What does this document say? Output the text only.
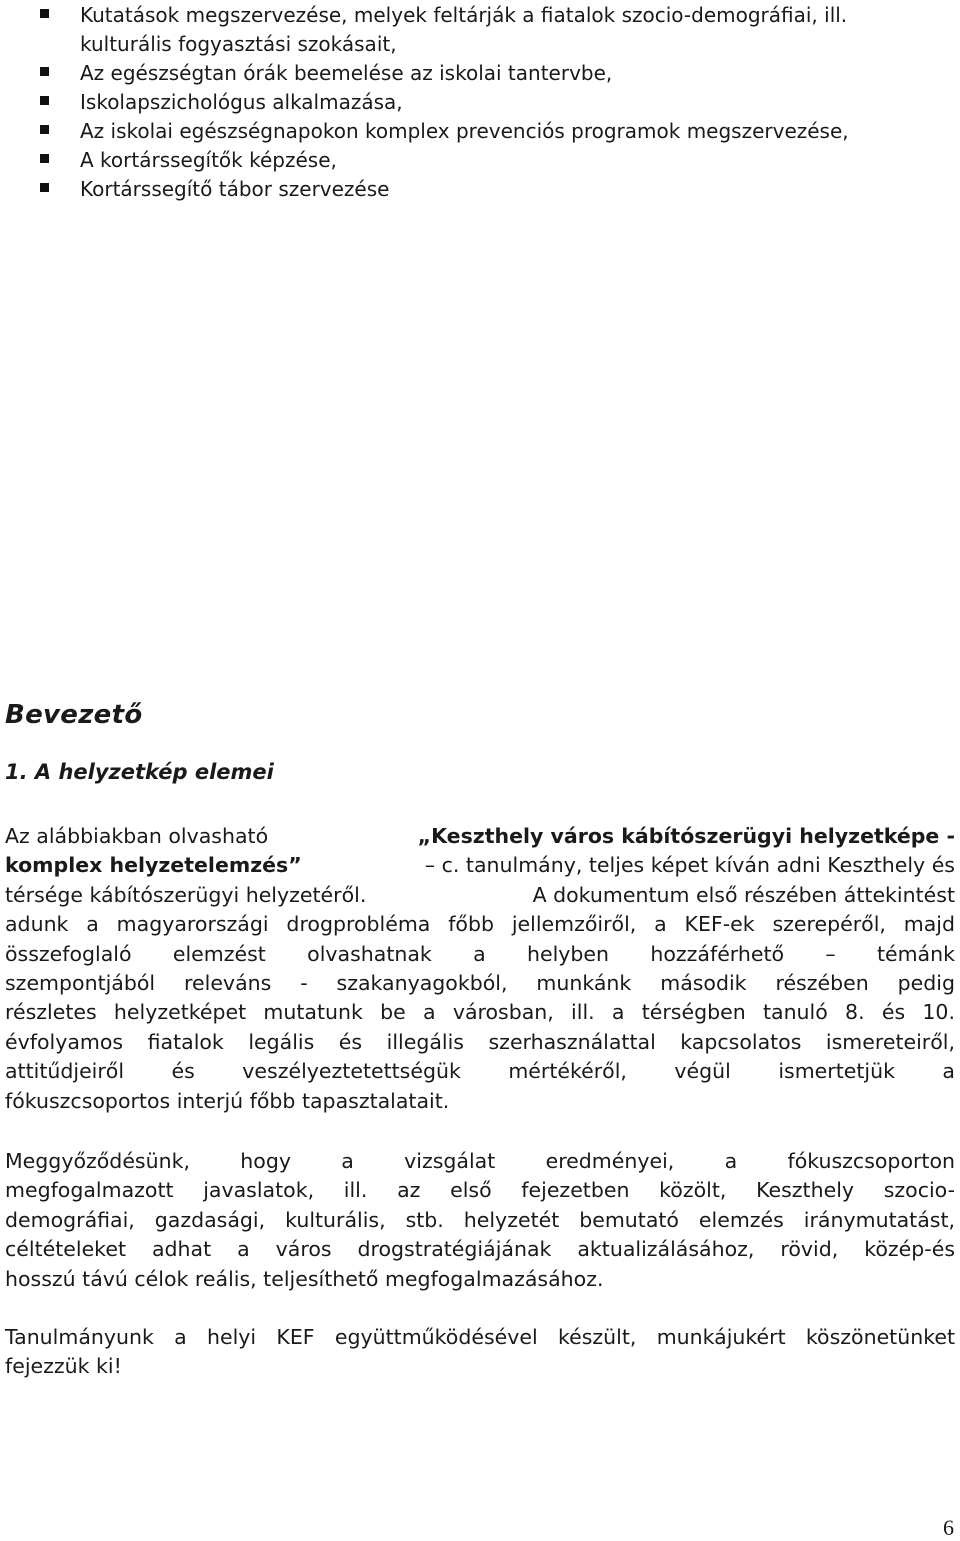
Kutatások megszervezése, melyek feltárják a fiatalok szocio-demográfiai, ill.
kulturális fogyasztási szokásait,
Az egészségtan órák beemelése az iskolai tantervbe,
Iskolapszichológus alkalmazása,
Az iskolai egészségnapokon komplex prevenciós programok megszervezése,
A kortárssegítők képzése,
Kortárssegítő tábor szervezése
Bevezető
1. A helyzetkép elemei
Az alábbiakban olvasható	„Keszthely város kábítószerügyi helyzetképe -
komplex helyzetelemzés”	– c. tanulmány, teljes képet kíván adni Keszthely és
térsége kábítószerügyi helyzetéről.	A dokumentum első részében áttekintést
adunk a magyarországi drogprobléma főbb jellemzőiről, a KEF-ek szerepéről, majd
összefoglaló elemzést olvashatnak a helyben hozzáférhető – témánk
szempontjából releváns - szakanyagokból, munkánk második részében pedig
részletes helyzetképet mutatunk be a városban, ill. a térségben tanuló 8. és 10.
évfolyamos fiatalok legális és illegális szerhasználattal kapcsolatos ismereteiről,
attitűdjeiről és veszélyeztetettségük mértékéről, végül ismertetjük a
fókuszcsoportos interjú főbb tapasztalatait.
Meggyőződésünk, hogy a vizsgálat eredményei, a fókuszcsoporton
megfogalmazott javaslatok, ill. az első fejezetben közölt, Keszthely szocio-
demográfiai, gazdasági, kulturális, stb. helyzetét bemutató elemzés iránymutatást,
céltételeket adhat a város drogstratégiájának aktualizálásához, rövid, közép-és
hosszú távú célok reális, teljesíthető megfogalmazásához.
Tanulmányunk a helyi KEF együttműködésével készült, munkájukért köszönetünket
fejezzük ki!
6
